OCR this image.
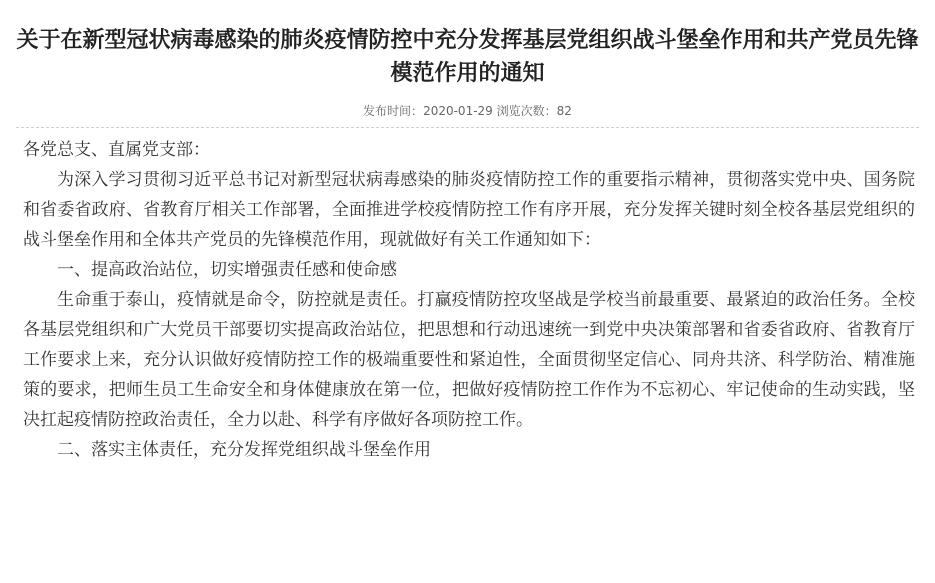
关于在新型冠状病毒感染的肺炎疫情防控中充分发挥基层党组织战斗堡垒作用和共产党员先锋模范作用的通知
发布时间：2020-01-29 浏览次数：82

各党总支、直属党支部：

为深入学习贯彻习近平总书记对新型冠状病毒感染的肺炎疫情防控工作的重要指示精神，贯彻落实党中央、国务院和省委省政府、省教育厅相关工作部署，全面推进学校疫情防控工作有序开展，充分发挥关键时刻全校各基层党组织的战斗堡垒作用和全体共产党员的先锋模范作用，现就做好有关工作通知如下：

一、提高政治站位，切实增强责任感和使命感

生命重于泰山，疫情就是命令，防控就是责任。打赢疫情防控攻坚战是学校当前最重要、最紧迫的政治任务。全校各基层党组织和广大党员干部要切实提高政治站位，把思想和行动迅速统一到党中央决策部署和省委省政府、省教育厅工作要求上来，充分认识做好疫情防控工作的极端重要性和紧迫性，全面贯彻坚定信心、同舟共济、科学防治、精准施策的要求，把师生员工生命安全和身体健康放在第一位，把做好疫情防控工作作为不忘初心、牢记使命的生动实践，坚决扛起疫情防控政治责任，全力以赴、科学有序做好各项防控工作。

二、落实主体责任，充分发挥党组织战斗堡垒作用
